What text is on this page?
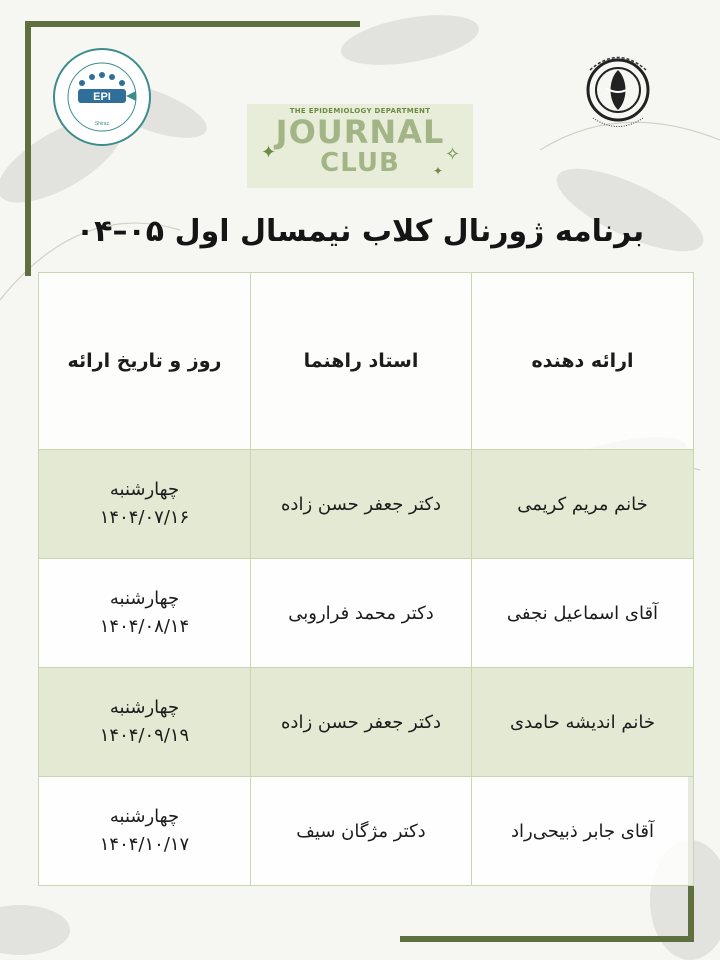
EPI
Shiraz
THE EPIDEMIOLOGY DEPARTMENT
JOURNAL
CLUB
✦	✧
✦
برنامه ژورنال کلاب نیمسال اول ۰۵–۰۴
ارائه دهنده	استاد راهنما	روز و تاریخ ارائه
خانم مریم کریمی	دکتر جعفر حسن زاده	چهارشنبه
۱۴۰۴/۰۷/۱۶

آقای اسماعیل نجفی	دکتر محمد فراروبی	چهارشنبه
۱۴۰۴/۰۸/۱۴

خانم اندیشه حامدی	دکتر جعفر حسن زاده	چهارشنبه
۱۴۰۴/۰۹/۱۹

آقای جابر ذبیحی‌راد	دکتر مژگان سیف	چهارشنبه
۱۴۰۴/۱۰/۱۷
